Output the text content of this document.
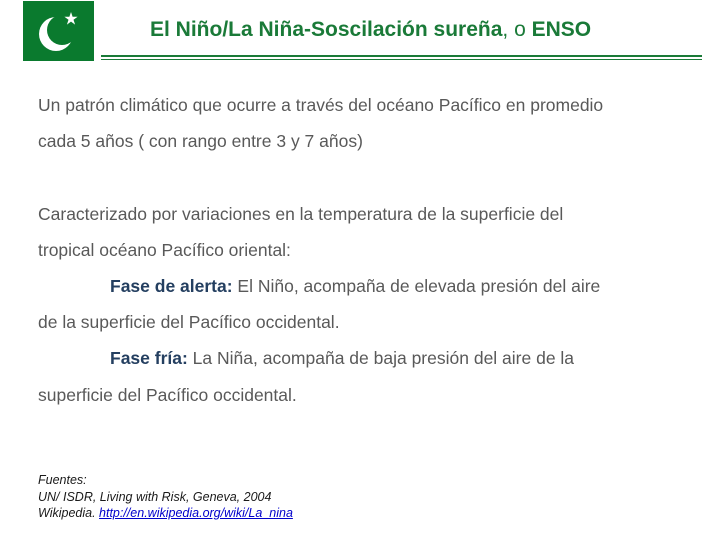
El Niño/La Niña-Soscilación sureña, o ENSO

Un patrón climático que ocurre a través del océano Pacífico en promedio

cada 5 años ( con rango entre 3 y 7 años)

Caracterizado por variaciones en la temperatura de la superficie del

tropical océano Pacífico oriental:

Fase de alerta: El Niño, acompaña de elevada presión del aire

de la superficie del Pacífico occidental.

Fase fría: La Niña, acompaña de baja presión del aire de la

superficie del Pacífico occidental.

Fuentes:

UN/ ISDR, Living with Risk, Geneva, 2004

Wikipedia. http://en.wikipedia.org/wiki/La_nina
